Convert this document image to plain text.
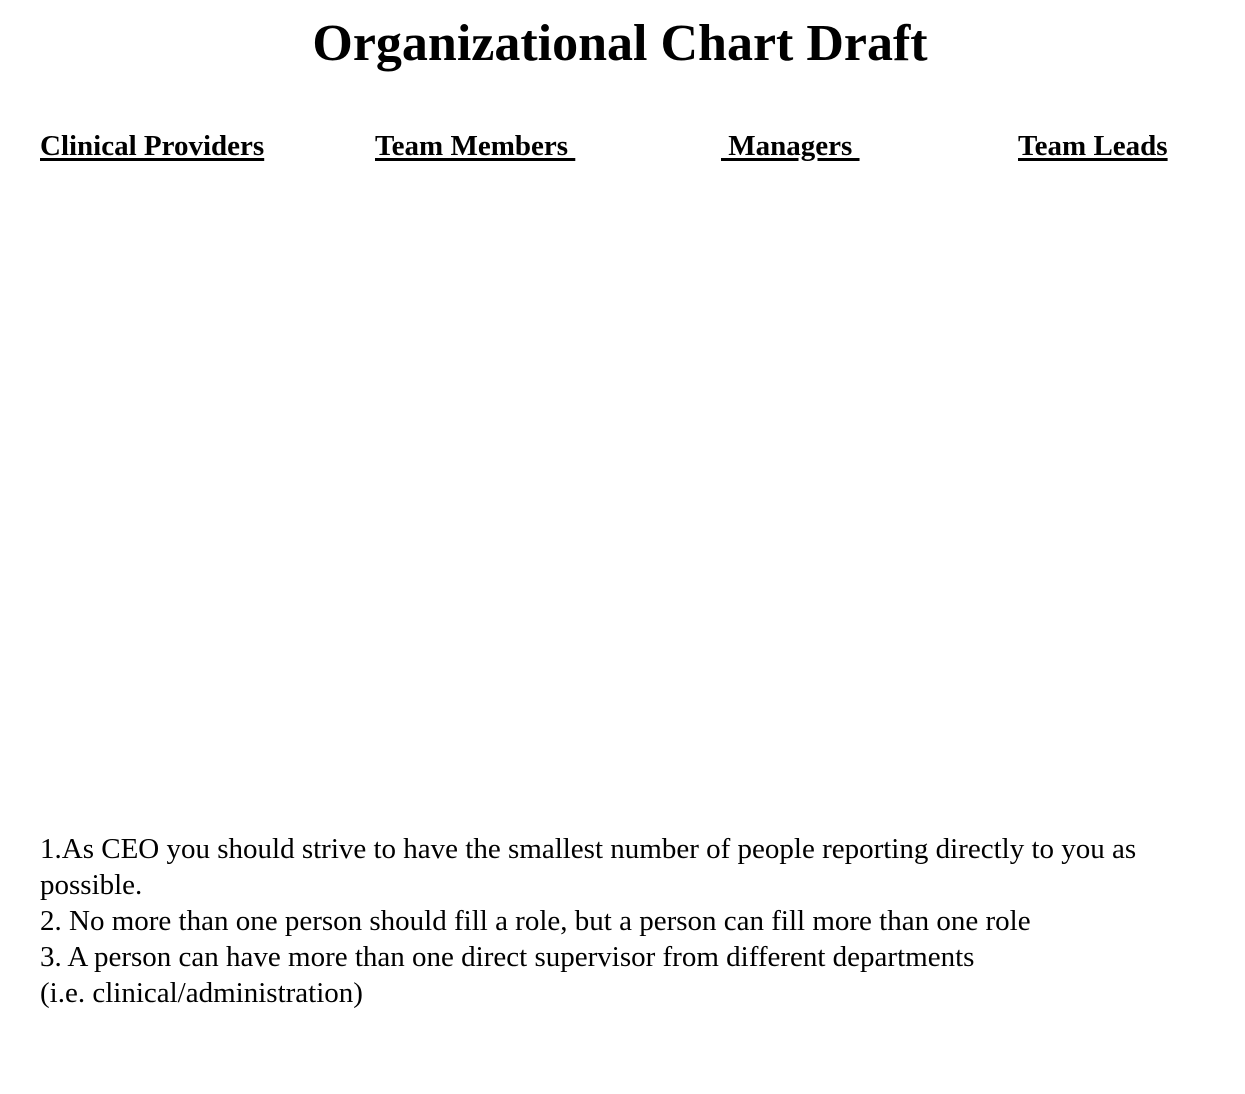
Organizational Chart Draft
Clinical Providers	Team Members	Managers	Team Leads
1.As CEO you should strive to have the smallest number of people reporting directly to you as possible.
2. No more than one person should fill a role, but a person can fill more than one role
3. A person can have more than one direct supervisor from different departments
(i.e. clinical/administration)
